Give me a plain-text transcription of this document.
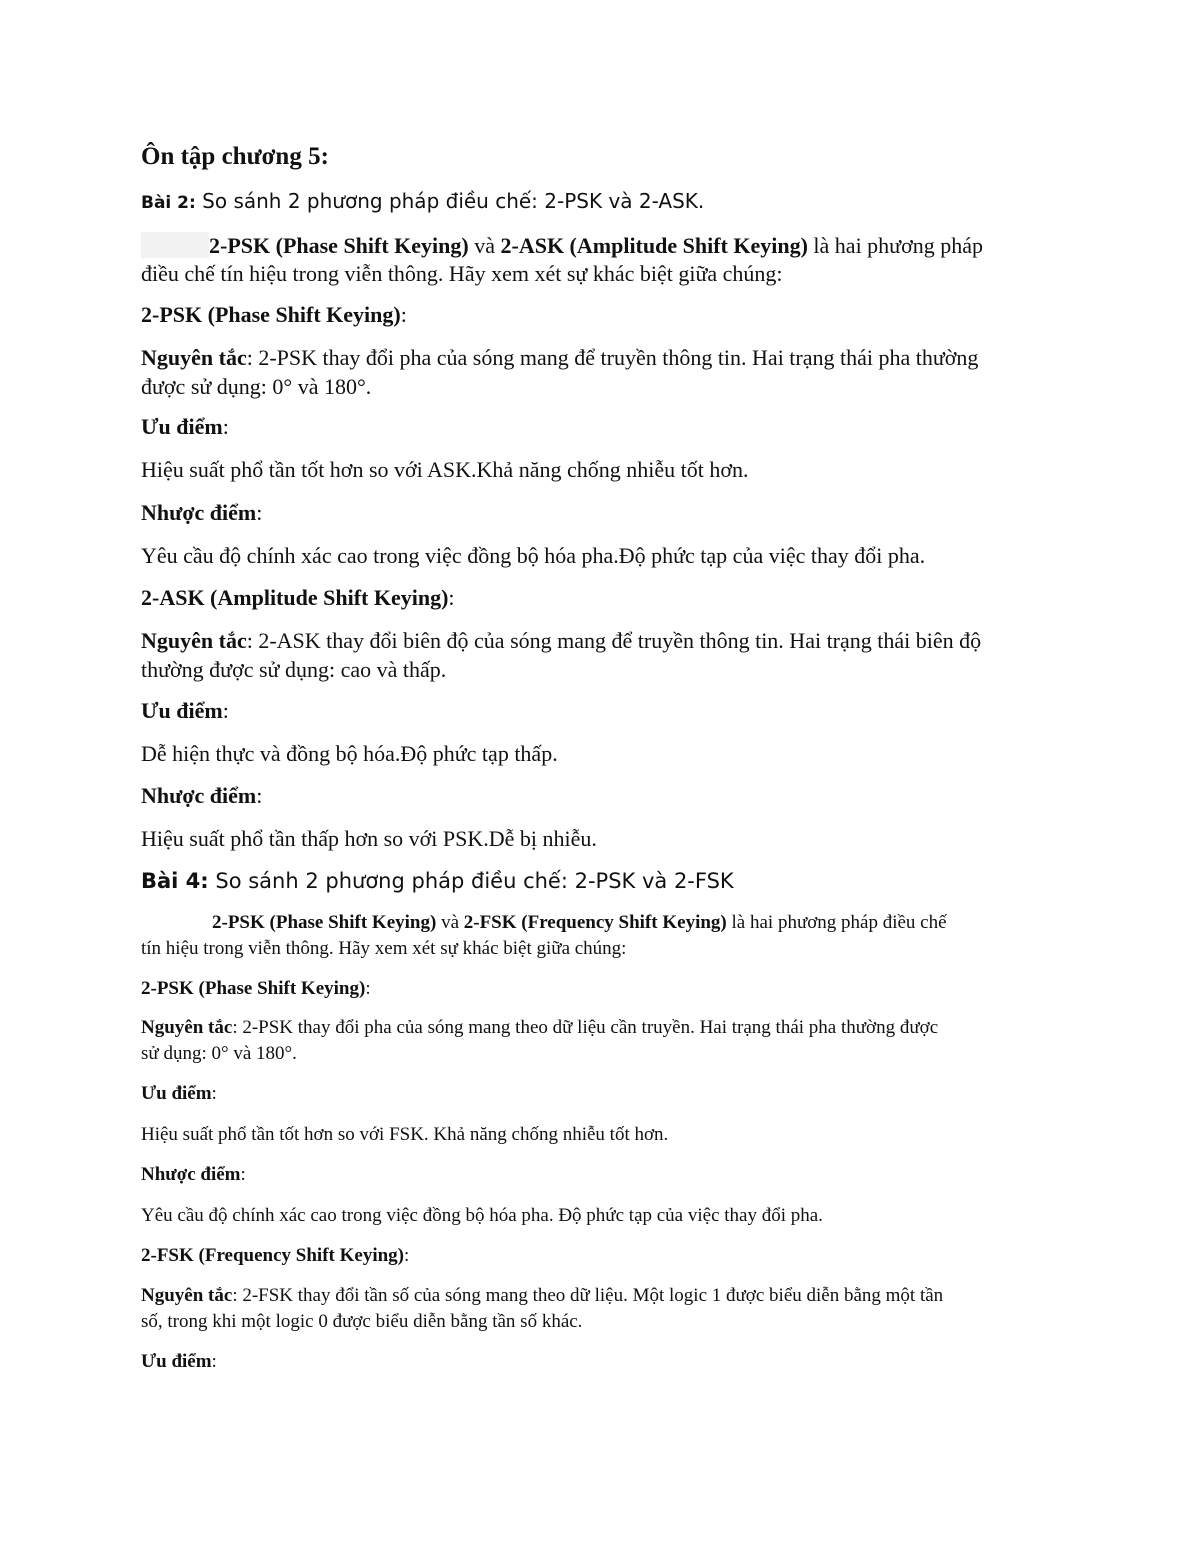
Ôn tập chương 5:
Bài 2: So sánh 2 phương pháp điều chế: 2-PSK và 2-ASK.
2-PSK (Phase Shift Keying) và 2-ASK (Amplitude Shift Keying) là hai phương pháp
điều chế tín hiệu trong viễn thông. Hãy xem xét sự khác biệt giữa chúng:
2-PSK (Phase Shift Keying):
Nguyên tắc: 2-PSK thay đổi pha của sóng mang để truyền thông tin. Hai trạng thái pha thường
được sử dụng: 0° và 180°.
Ưu điểm:
Hiệu suất phổ tần tốt hơn so với ASK.Khả năng chống nhiễu tốt hơn.
Nhược điểm:
Yêu cầu độ chính xác cao trong việc đồng bộ hóa pha.Độ phức tạp của việc thay đổi pha.
2-ASK (Amplitude Shift Keying):
Nguyên tắc: 2-ASK thay đổi biên độ của sóng mang để truyền thông tin. Hai trạng thái biên độ
thường được sử dụng: cao và thấp.
Ưu điểm:
Dễ hiện thực và đồng bộ hóa.Độ phức tạp thấp.
Nhược điểm:
Hiệu suất phổ tần thấp hơn so với PSK.Dễ bị nhiễu.
Bài 4: So sánh 2 phương pháp điều chế: 2-PSK và 2-FSK
2-PSK (Phase Shift Keying) và 2-FSK (Frequency Shift Keying) là hai phương pháp điều chế
tín hiệu trong viễn thông. Hãy xem xét sự khác biệt giữa chúng:
2-PSK (Phase Shift Keying):
Nguyên tắc: 2-PSK thay đổi pha của sóng mang theo dữ liệu cần truyền. Hai trạng thái pha thường được
sử dụng: 0° và 180°.
Ưu điểm:
Hiệu suất phổ tần tốt hơn so với FSK. Khả năng chống nhiễu tốt hơn.
Nhược điểm:
Yêu cầu độ chính xác cao trong việc đồng bộ hóa pha. Độ phức tạp của việc thay đổi pha.
2-FSK (Frequency Shift Keying):
Nguyên tắc: 2-FSK thay đổi tần số của sóng mang theo dữ liệu. Một logic 1 được biểu diễn bằng một tần
số, trong khi một logic 0 được biểu diễn bằng tần số khác.
Ưu điểm:
